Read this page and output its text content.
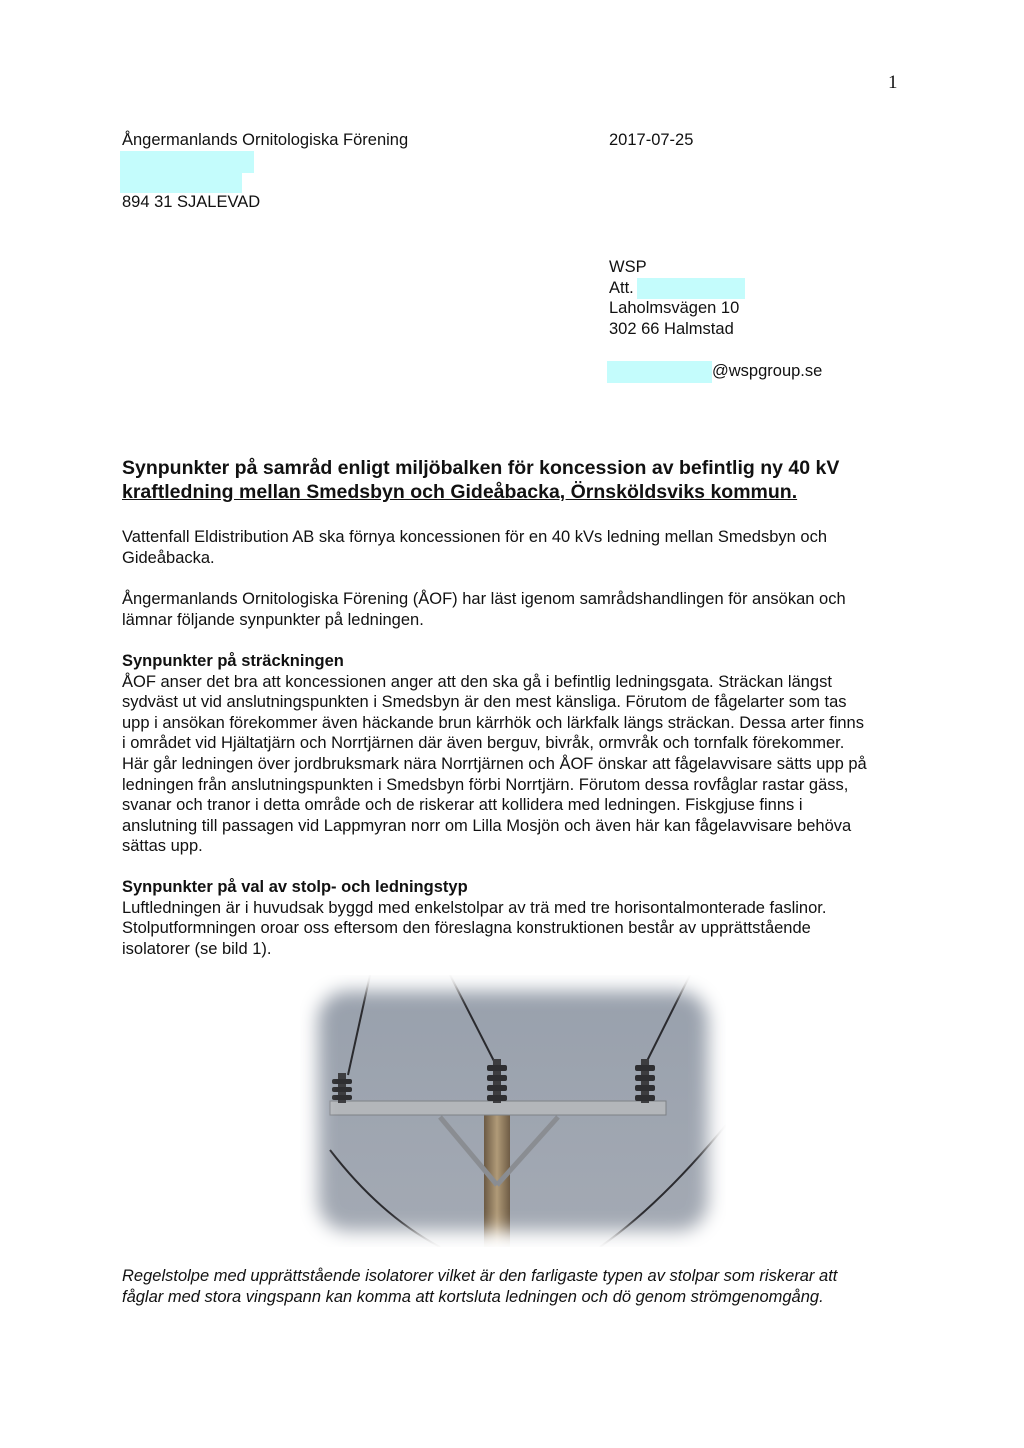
1
Ångermanlands Ornitologiska Förening
894 31 SJALEVAD
2017-07-25
WSP
Att.
Laholmsvägen 10
302 66 Halmstad
@wspgroup.se
Synpunkter på samråd enligt miljöbalken för koncession av befintlig ny 40 kV
kraftledning mellan Smedsbyn och Gideåbacka, Örnsköldsviks kommun.
Vattenfall Eldistribution AB ska förnya koncessionen för en 40 kVs ledning mellan Smedsbyn och
Gideåbacka.
Ångermanlands Ornitologiska Förening (ÅOF) har läst igenom samrådshandlingen för ansökan och
lämnar följande synpunkter på ledningen.
Synpunkter på sträckningen
ÅOF anser det bra att koncessionen anger att den ska gå i befintlig ledningsgata. Sträckan längst
sydväst ut vid anslutningspunkten i Smedsbyn är den mest känsliga. Förutom de fågelarter som tas
upp i ansökan förekommer även häckande brun kärrhök och lärkfalk längs sträckan. Dessa arter finns
i området vid Hjältatjärn och Norrtjärnen där även berguv, bivråk, ormvråk och tornfalk förekommer.
Här går ledningen över jordbruksmark nära Norrtjärnen och ÅOF önskar att fågelavvisare sätts upp på
ledningen från anslutningspunkten i Smedsbyn förbi Norrtjärn. Förutom dessa rovfåglar rastar gäss,
svanar och tranor i detta område och de riskerar att kollidera med ledningen. Fiskgjuse finns i
anslutning till passagen vid Lappmyran norr om Lilla Mosjön och även här kan fågelavvisare behöva
sättas upp.
Synpunkter på val av stolp- och ledningstyp
Luftledningen är i huvudsak byggd med enkelstolpar av trä med tre horisontalmonterade faslinor.
Stolputformningen oroar oss eftersom den föreslagna konstruktionen består av upprättstående
isolatorer (se bild 1).
Regelstolpe med upprättstående isolatorer vilket är den farligaste typen av stolpar som riskerar att
fåglar med stora vingspann kan komma att kortsluta ledningen och dö genom strömgenomgång.
